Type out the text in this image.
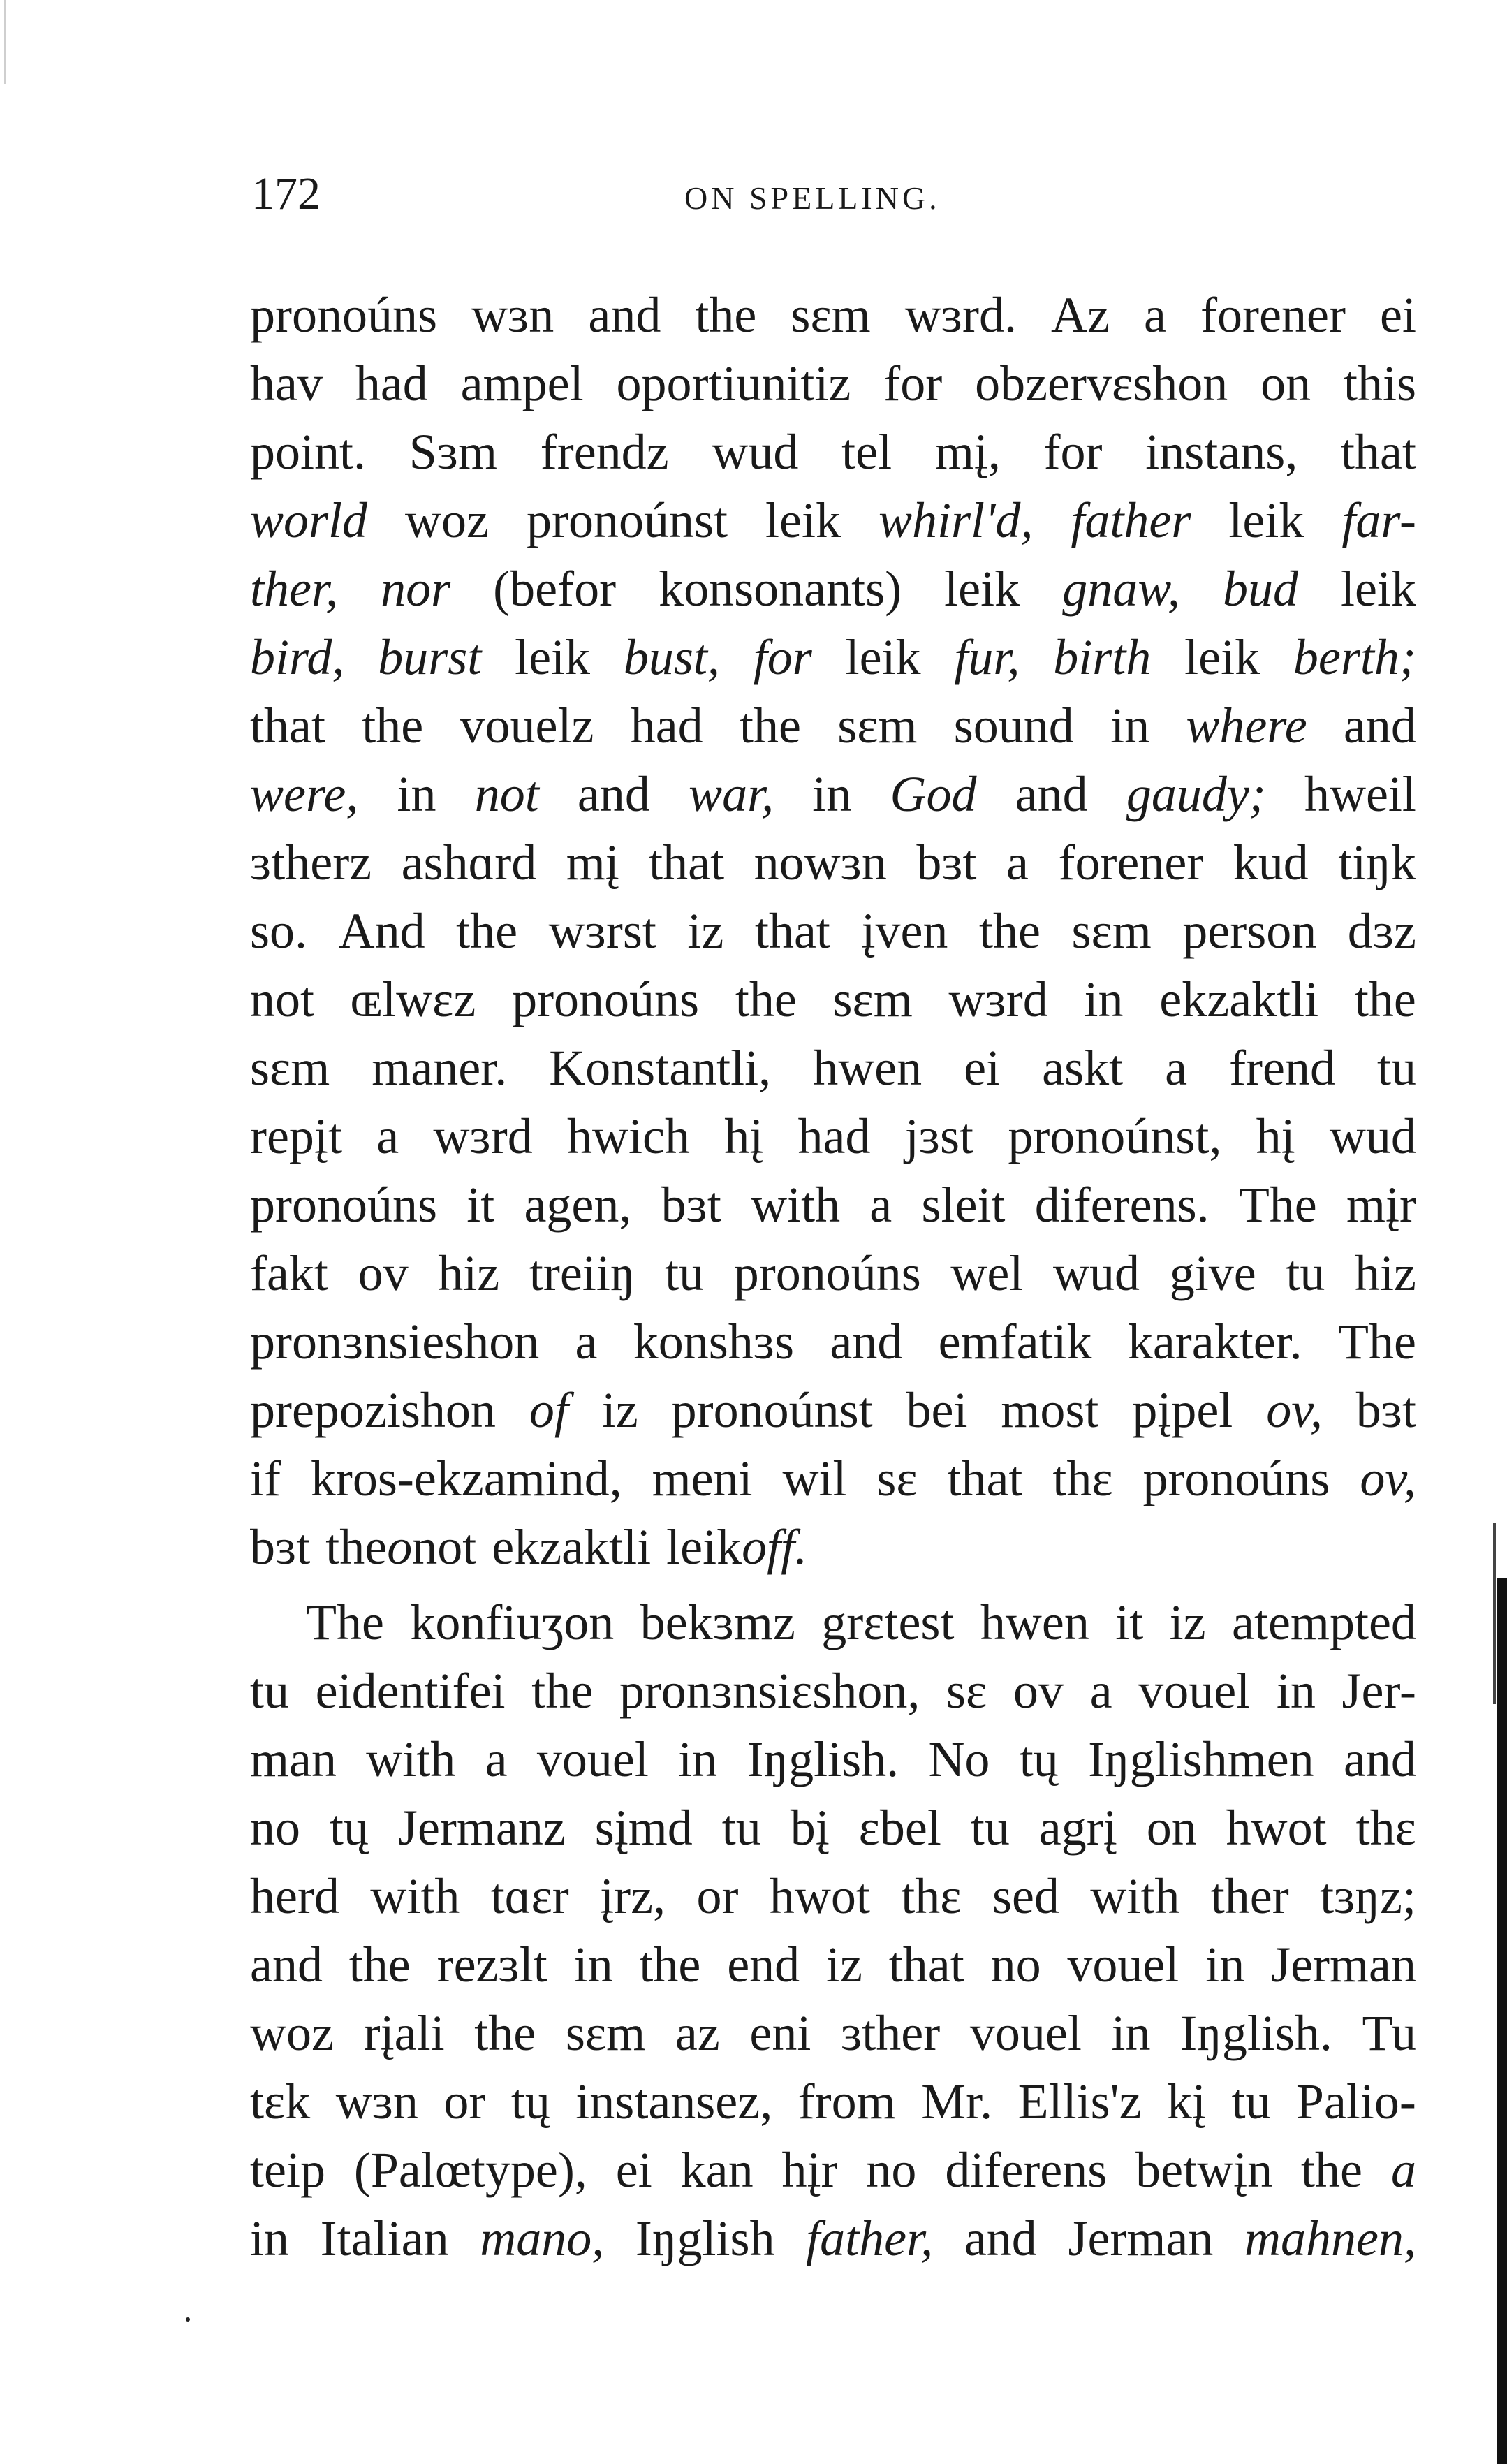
172	ON SPELLING.
pronoúns wɜn and the sɛm wɜrd. Az a forener ei
hav had ampel oportiunitiz for obzervɛshon on this
point. Sɜm frendz wud tel mį, for instans, that
world woz pronoúnst leik whirl'd, father leik far-
ther, nor (befor konsonants) leik gnaw, bud leik
bird, burst leik bust, for leik fur, birth leik berth;
that the vouelz had the sɛm sound in where and
were, in not and war, in God and gaudy; hweil
ɜtherz ashɑrd mį that nowɜn bɜt a forener kud tiŋk
so. And the wɜrst iz that įven the sɛm person dɜz
not ɶlwɛz pronoúns the sɛm wɜrd in ekzaktli the
sɛm maner. Konstantli, hwen ei askt a frend tu
repįt a wɜrd hwich hį had jɜst pronoúnst, hį wud
pronoúns it agen, bɜt with a sleit diferens. The mįr
fakt ov hiz treiiŋ tu pronoúns wel wud give tu hiz
pronɜnsieshon a konshɜs and emfatik karakter. The
prepozishon of iz pronoúnst bei most pįpel ov, bɜt
if kros-ekzamind, meni wil sɛ that thɛ pronoúns ov,
bɜt the o not ekzaktli leik off.
The konfiuʒon bekɜmz grɛtest hwen it iz atempted
tu eidentifei the pronɜnsiɛshon, sɛ ov a vouel in Jer-
man with a vouel in Iŋglish. No tų Iŋglishmen and
no tų Jermanz sįmd tu bį ɛbel tu agrį on hwot thɛ
herd with tɑɛr įrz, or hwot thɛ sed with ther tɜŋz;
and the rezɜlt in the end iz that no vouel in Jerman
woz rįali the sɛm az eni ɜther vouel in Iŋglish. Tu
tɛk wɜn or tų instansez, from Mr. Ellis'z kį tu Palio-
teip (Palœtype), ei kan hįr no diferens betwįn the a
in Italian mano, Iŋglish father, and Jerman mahnen,
